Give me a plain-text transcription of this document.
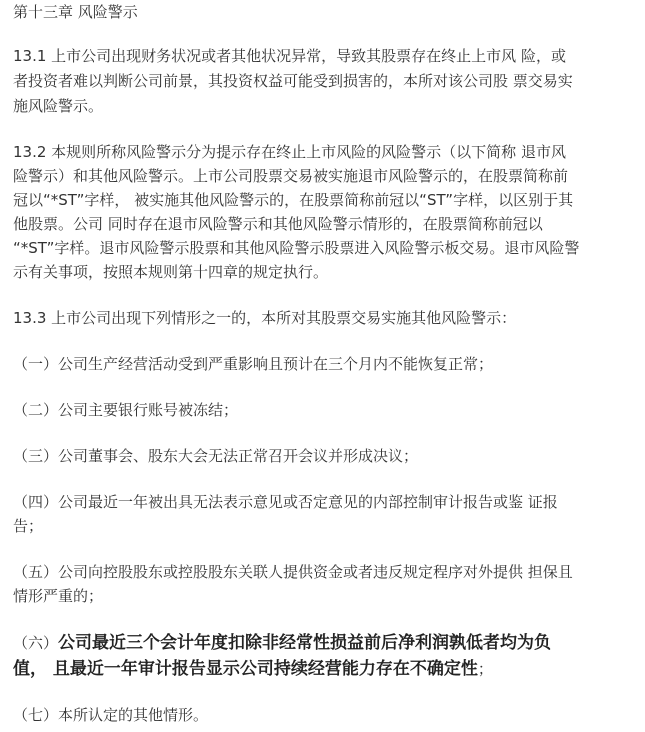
第十三章 风险警示
13.1 上市公司出现财务状况或者其他状况异常，导致其股票存在终止上市风 险，或
者投资者难以判断公司前景，其投资权益可能受到损害的，本所对该公司股 票交易实
施风险警示。
13.2 本规则所称风险警示分为提示存在终止上市风险的风险警示（以下简称 退市风
险警示）和其他风险警示。上市公司股票交易被实施退市风险警示的，在股票简称前
冠以“*ST”字样， 被实施其他风险警示的，在股票简称前冠以“ST”字样，以区别于其
他股票。公司 同时存在退市风险警示和其他风险警示情形的，在股票简称前冠以
“*ST”字样。退市风险警示股票和其他风险警示股票进入风险警示板交易。退市风险警
示有关事项，按照本规则第十四章的规定执行。
13.3 上市公司出现下列情形之一的，本所对其股票交易实施其他风险警示：
（一）公司生产经营活动受到严重影响且预计在三个月内不能恢复正常；
（二）公司主要银行账号被冻结；
（三）公司董事会、股东大会无法正常召开会议并形成决议；
（四）公司最近一年被出具无法表示意见或否定意见的内部控制审计报告或鉴 证报
告；
（五）公司向控股股东或控股股东关联人提供资金或者违反规定程序对外提供 担保且
情形严重的；
（六）公司最近三个会计年度扣除非经常性损益前后净利润孰低者均为负
值， 且最近一年审计报告显示公司持续经营能力存在不确定性；
（七）本所认定的其他情形。
